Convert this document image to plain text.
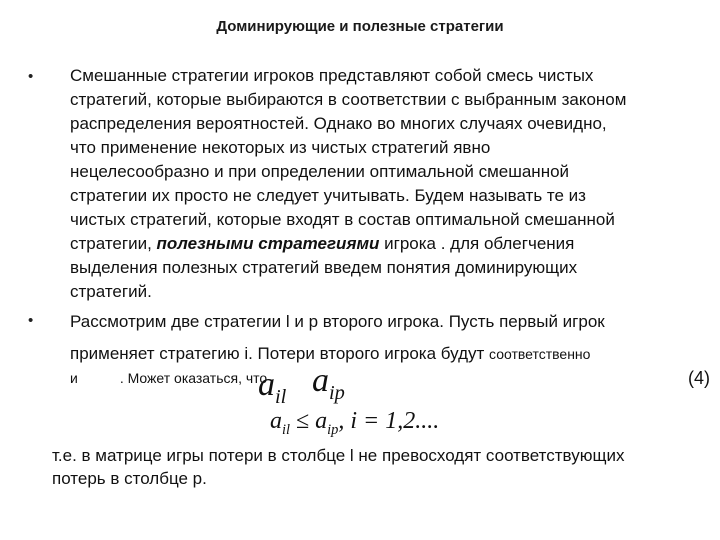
Доминирующие и полезные стратегии
• Смешанные стратегии игроков представляют собой смесь чистых
стратегий, которые выбираются в соответствии с выбранным законом
распределения вероятностей. Однако во многих случаях очевидно,
что применение некоторых из чистых стратегий явно
нецелесообразно и при определении оптимальной смешанной
стратегии их просто не следует учитывать. Будем называть те из
чистых стратегий, которые входят в состав оптимальной смешанной
стратегии, полезными стратегиями игрока . для облегчения
выделения полезных стратегий введем понятия доминирующих
стратегий.
• Рассмотрим две стратегии l и p второго игрока. Пусть первый игрок
применяет стратегию i. Потери второго игрока будут соответственно
и	. Может оказаться, что
$a_{il}$ $a_{ip}$
(4)
$a_{il} \le a_{ip}$, i = 1,2....
т.е. в матрице игры потери в столбце l не превосходят соответствующих
потерь в столбце p.
